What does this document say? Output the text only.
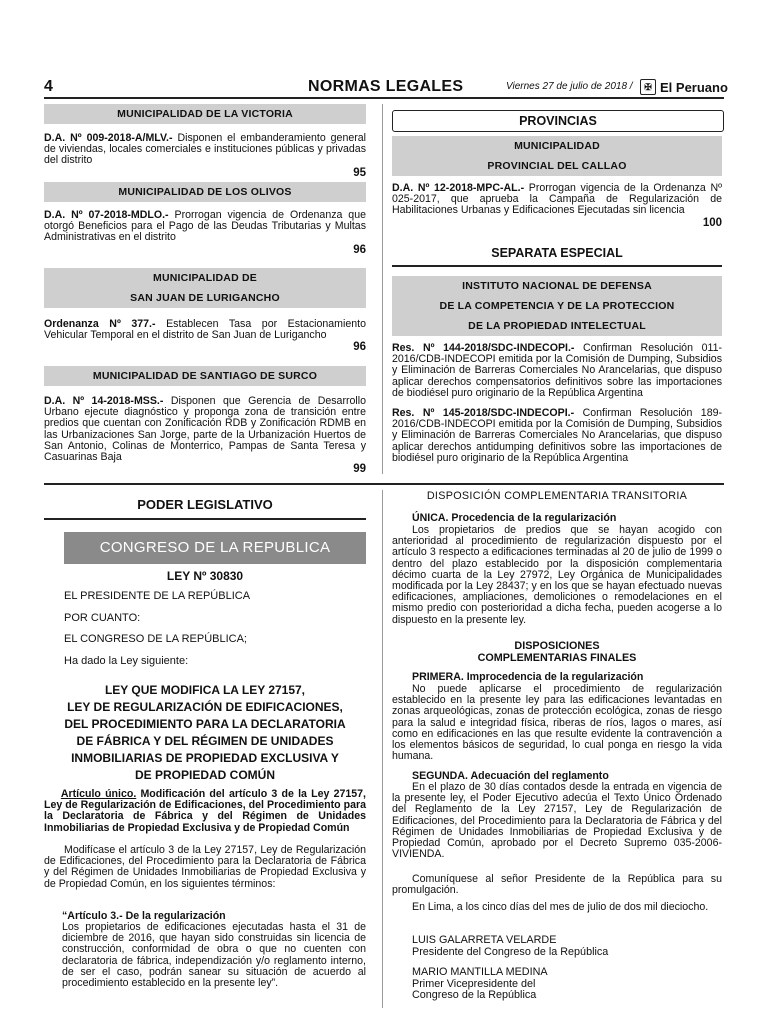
4	NORMAS LEGALES	Viernes 27 de julio de 2018 /	✠ El Peruano
MUNICIPALIDAD DE LA VICTORIA
D.A. Nº 009-2018-A/MLV.- Disponen el embanderamiento general de viviendas, locales comerciales e instituciones públicas y privadas del distrito
95
MUNICIPALIDAD DE LOS OLIVOS
D.A. Nº 07-2018-MDLO.- Prorrogan vigencia de Ordenanza que otorgó Beneficios para el Pago de las Deudas Tributarias y Multas Administrativas en el distrito
96
MUNICIPALIDAD DE
SAN JUAN DE LURIGANCHO
Ordenanza Nº 377.- Establecen Tasa por Estacionamiento Vehicular Temporal en el distrito de San Juan de Lurigancho
96
MUNICIPALIDAD DE SANTIAGO DE SURCO
D.A. Nº 14-2018-MSS.- Disponen que Gerencia de Desarrollo Urbano ejecute diagnóstico y proponga zona de transición entre predios que cuentan con Zonificación RDB y Zonificación RDMB en las Urbanizaciones San Jorge, parte de la Urbanización Huertos de San Antonio, Colinas de Monterrico, Pampas de Santa Teresa y Casuarinas Baja
99
PROVINCIAS
MUNICIPALIDAD
PROVINCIAL DEL CALLAO
D.A. Nº 12-2018-MPC-AL.- Prorrogan vigencia de la Ordenanza Nº 025-2017, que aprueba la Campaña de Regularización de Habilitaciones Urbanas y Edificaciones Ejecutadas sin licencia
100
SEPARATA ESPECIAL
INSTITUTO NACIONAL DE DEFENSA
DE LA COMPETENCIA Y DE LA PROTECCION
DE LA PROPIEDAD INTELECTUAL
Res. Nº 144-2018/SDC-INDECOPI.- Confirman Resolución 011-2016/CDB-INDECOPI emitida por la Comisión de Dumping, Subsidios y Eliminación de Barreras Comerciales No Arancelarias, que dispuso aplicar derechos compensatorios definitivos sobre las importaciones de biodiésel puro originario de la República Argentina
Res. Nº 145-2018/SDC-INDECOPI.- Confirman Resolución 189-2016/CDB-INDECOPI emitida por la Comisión de Dumping, Subsidios y Eliminación de Barreras Comerciales No Arancelarias, que dispuso aplicar derechos antidumping definitivos sobre las importaciones de biodiésel puro originario de la República Argentina
PODER LEGISLATIVO
CONGRESO DE LA REPUBLICA
LEY Nº 30830
EL PRESIDENTE DE LA REPÚBLICA
POR CUANTO:
EL CONGRESO DE LA REPÚBLICA;
Ha dado la Ley siguiente:
LEY QUE MODIFICA LA LEY 27157,
LEY DE REGULARIZACIÓN DE EDIFICACIONES,
DEL PROCEDIMIENTO PARA LA DECLARATORIA
DE FÁBRICA Y DEL RÉGIMEN DE UNIDADES
INMOBILIARIAS DE PROPIEDAD EXCLUSIVA Y
DE PROPIEDAD COMÚN
Artículo único. Modificación del artículo 3 de la Ley 27157, Ley de Regularización de Edificaciones, del Procedimiento para la Declaratoria de Fábrica y del Régimen de Unidades Inmobiliarias de Propiedad Exclusiva y de Propiedad Común
Modifícase el artículo 3 de la Ley 27157, Ley de Regularización de Edificaciones, del Procedimiento para la Declaratoria de Fábrica y del Régimen de Unidades Inmobiliarias de Propiedad Exclusiva y de Propiedad Común, en los siguientes términos:
“Artículo 3.- De la regularización
Los propietarios de edificaciones ejecutadas hasta el 31 de diciembre de 2016, que hayan sido construidas sin licencia de construcción, conformidad de obra o que no cuenten con declaratoria de fábrica, independización y/o reglamento interno, de ser el caso, podrán sanear su situación de acuerdo al procedimiento establecido en la presente ley”.
DISPOSICIÓN COMPLEMENTARIA TRANSITORIA
ÚNICA. Procedencia de la regularización
Los propietarios de predios que se hayan acogido con anterioridad al procedimiento de regularización dispuesto por el artículo 3 respecto a edificaciones terminadas al 20 de julio de 1999 o dentro del plazo establecido por la disposición complementaria décimo cuarta de la Ley 27972, Ley Orgánica de Municipalidades modificada por la Ley 28437; y en los que se hayan efectuado nuevas edificaciones, ampliaciones, demoliciones o remodelaciones en el mismo predio con posterioridad a dicha fecha, pueden acogerse a lo dispuesto en la presente ley.
DISPOSICIONES
COMPLEMENTARIAS FINALES
PRIMERA. Improcedencia de la regularización
No puede aplicarse el procedimiento de regularización establecido en la presente ley para las edificaciones levantadas en zonas arqueológicas, zonas de protección ecológica, zonas de riesgo para la salud e integridad física, riberas de ríos, lagos o mares, así como en edificaciones en las que resulte evidente la contravención a los elementos básicos de seguridad, lo cual ponga en riesgo la vida humana.
SEGUNDA. Adecuación del reglamento
En el plazo de 30 días contados desde la entrada en vigencia de la presente ley, el Poder Ejecutivo adecúa el Texto Único Ordenado del Reglamento de la Ley 27157, Ley de Regularización de Edificaciones, del Procedimiento para la Declaratoria de Fábrica y del Régimen de Unidades Inmobiliarias de Propiedad Exclusiva y de Propiedad Común, aprobado por el Decreto Supremo 035-2006-VIVIENDA.
Comuníquese al señor Presidente de la República para su promulgación.
En Lima, a los cinco días del mes de julio de dos mil dieciocho.
LUIS GALARRETA VELARDE
Presidente del Congreso de la República
MARIO MANTILLA MEDINA
Primer Vicepresidente del
Congreso de la República
